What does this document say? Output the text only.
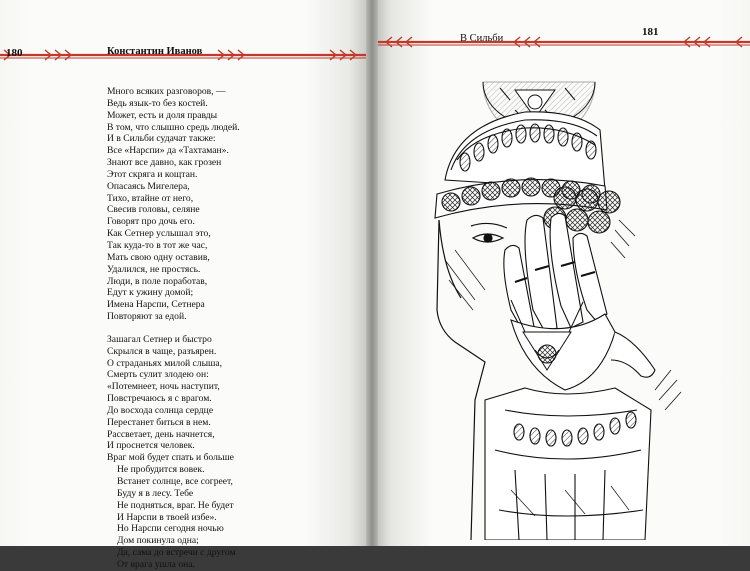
180	Константин Иванов
Много всяких разговоров, —
Ведь язык-то без костей.
Может, есть и доля правды
В том, что слышно средь людей.
И в Сильби судачат также:
Все «Нарспи» да «Тахтаман».
Знают все давно, как грозен
Этот скряга и кощтан.
Опасаясь Мигелера,
Тихо, втайне от него,
Свесив головы, селяне
Говорят про дочь его.
Как Сетнер услышал это,
Так куда-то в тот же час,
Мать свою одну оставив,
Удалился, не простясь.
Люди, в поле поработав,
Едут к ужину домой;
Имена Нарспи, Сетнера
Повторяют за едой.
Зашагал Сетнер и быстро
Скрылся в чаще, разъярен.
О страданьях милой слыша,
Смерть сулит злодею он:
«Потемнеет, ночь наступит,
Повстречаюсь я с врагом.
До восхода солнца сердце
Перестанет биться в нем.
Рассветает, день начнется,
И проснется человек.
Враг мой будет спать и больше
Не пробудится вовек.
Встанет солнце, все согреет,
Буду я в лесу. Тебе
Не подняться, враг. Не будет
И Нарспи в твоей избе».
Но Нарспи сегодня ночью
Дом покинула одна;
Да, сама до встречи с другом
От врага ушла она.
В Сильби
181
